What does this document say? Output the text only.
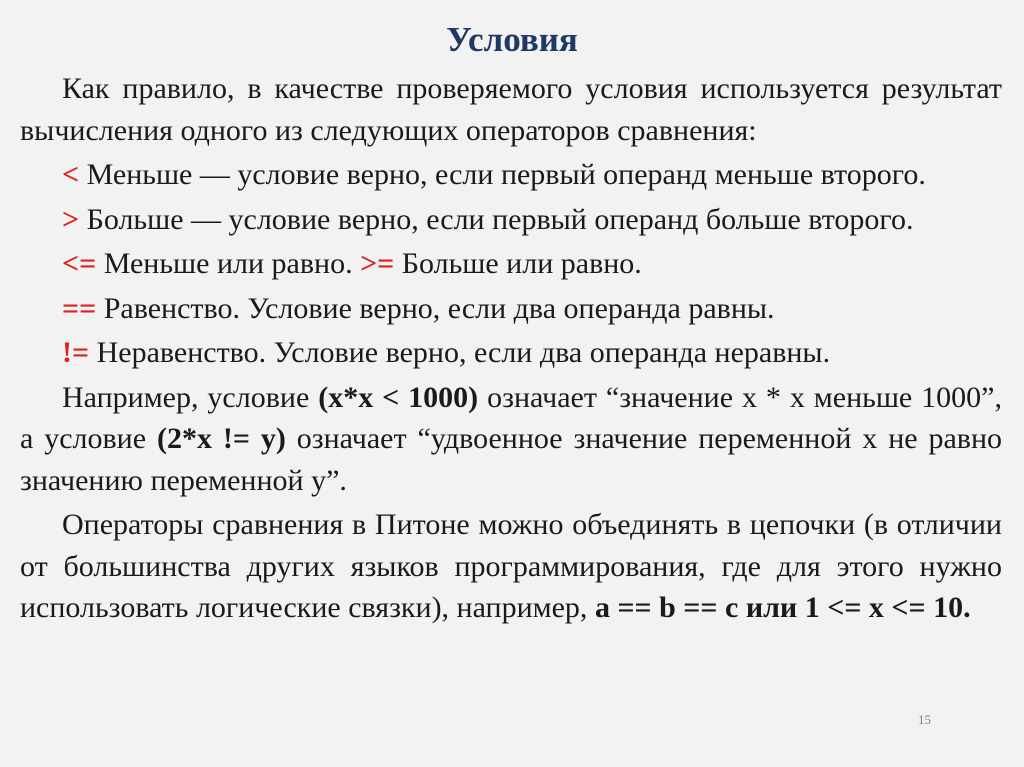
Условия
Как правило, в качестве проверяемого условия используется результат вычисления одного из следующих операторов сравнения:
< Меньше — условие верно, если первый операнд меньше второго.
> Больше — условие верно, если первый операнд больше второго.
<= Меньше или равно. >= Больше или равно.
== Равенство. Условие верно, если два операнда равны.
!= Неравенство. Условие верно, если два операнда неравны.
Например, условие (x*x < 1000) означает “значение x * x меньше 1000”, а условие (2*x != y) означает “удвоенное значение переменной x не равно значению переменной y”.
Операторы сравнения в Питоне можно объединять в цепочки (в отличии от большинства других языков программирования, где для этого нужно использовать логические связки), например, a == b == c или 1 <= x <= 10.
15
